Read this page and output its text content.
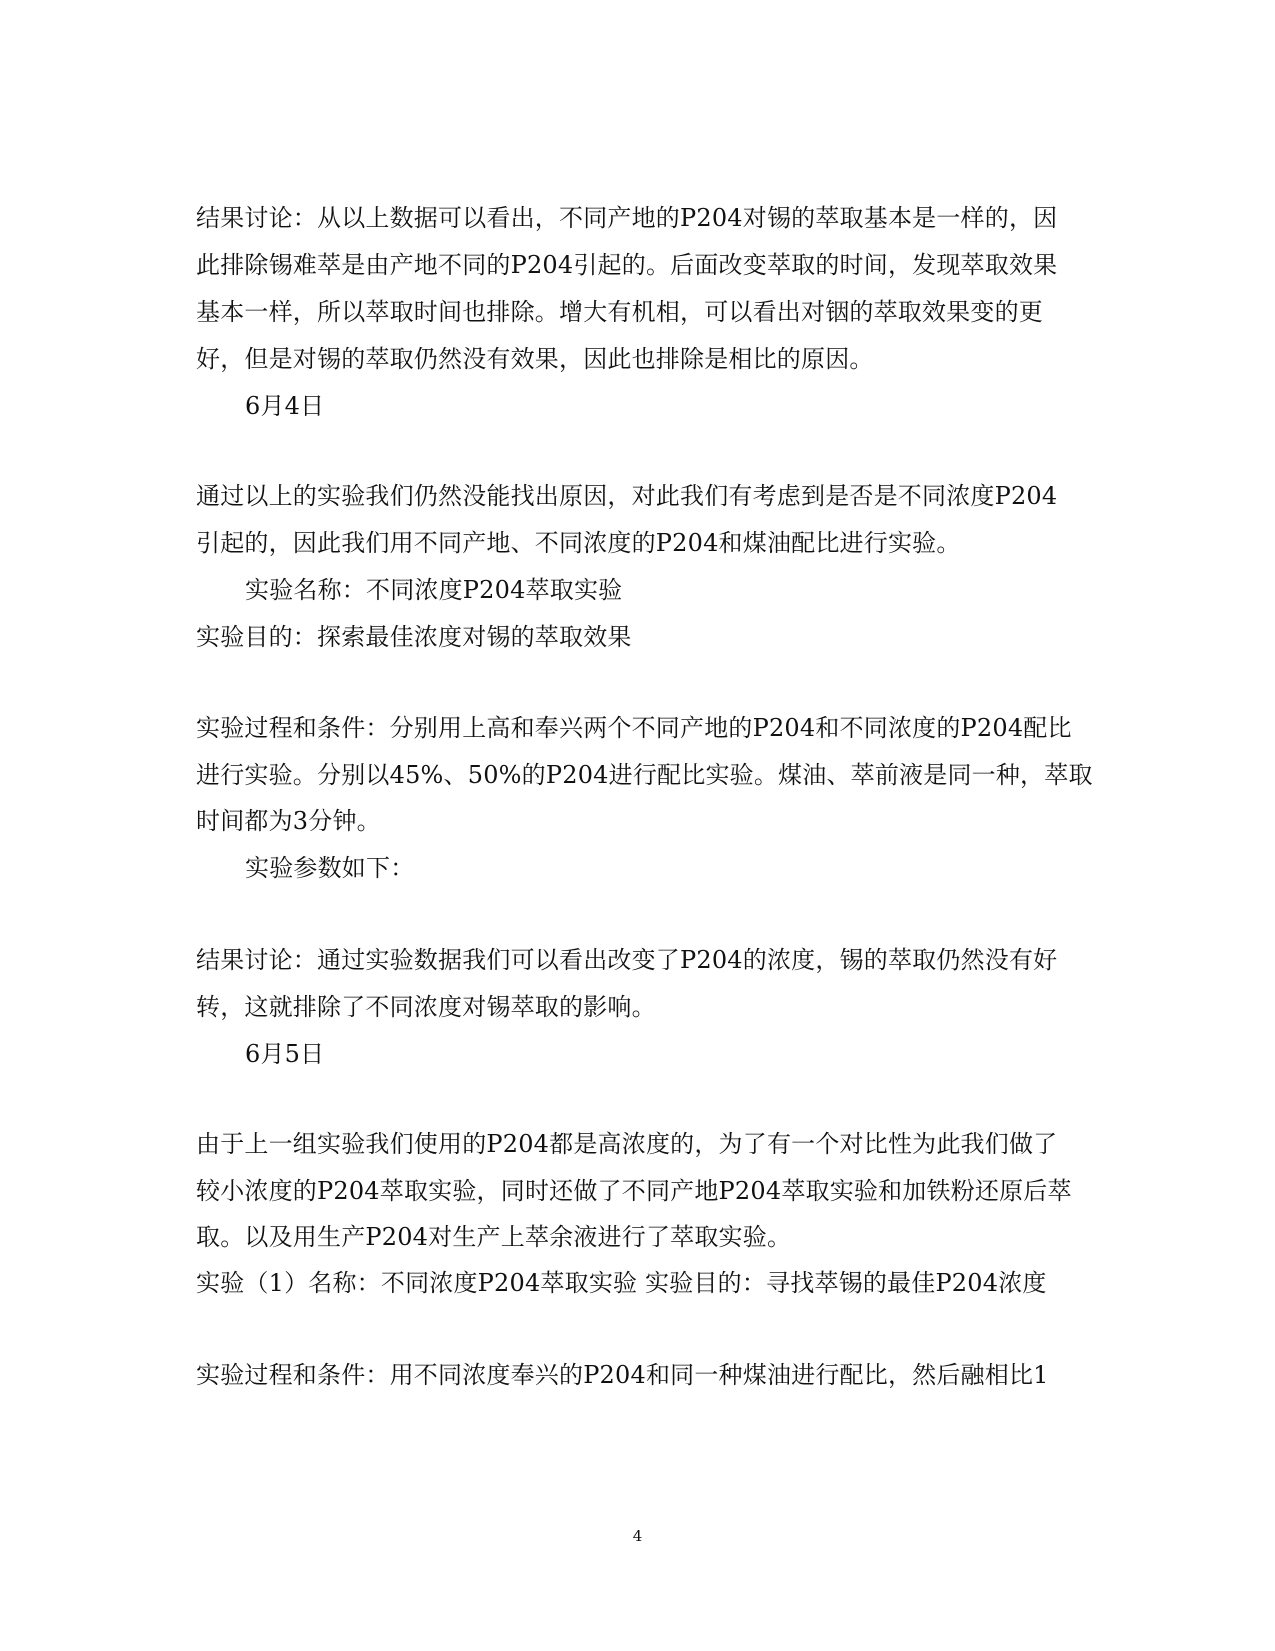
结果讨论：从以上数据可以看出，不同产地的P204对锡的萃取基本是一样的，因
此排除锡难萃是由产地不同的P204引起的。后面改变萃取的时间，发现萃取效果
基本一样，所以萃取时间也排除。增大有机相，可以看出对铟的萃取效果变的更
好，但是对锡的萃取仍然没有效果，因此也排除是相比的原因。
6月4日
通过以上的实验我们仍然没能找出原因，对此我们有考虑到是否是不同浓度P204
引起的，因此我们用不同产地、不同浓度的P204和煤油配比进行实验。
实验名称：不同浓度P204萃取实验
实验目的：探索最佳浓度对锡的萃取效果
实验过程和条件：分别用上高和奉兴两个不同产地的P204和不同浓度的P204配比
进行实验。分别以45%、50%的P204进行配比实验。煤油、萃前液是同一种，萃取
时间都为3分钟。
实验参数如下：
结果讨论：通过实验数据我们可以看出改变了P204的浓度，锡的萃取仍然没有好
转，这就排除了不同浓度对锡萃取的影响。
6月5日
由于上一组实验我们使用的P204都是高浓度的，为了有一个对比性为此我们做了
较小浓度的P204萃取实验，同时还做了不同产地P204萃取实验和加铁粉还原后萃
取。以及用生产P204对生产上萃余液进行了萃取实验。
实验（1）名称：不同浓度P204萃取实验 实验目的：寻找萃锡的最佳P204浓度
实验过程和条件：用不同浓度奉兴的P204和同一种煤油进行配比，然后融相比1
4
